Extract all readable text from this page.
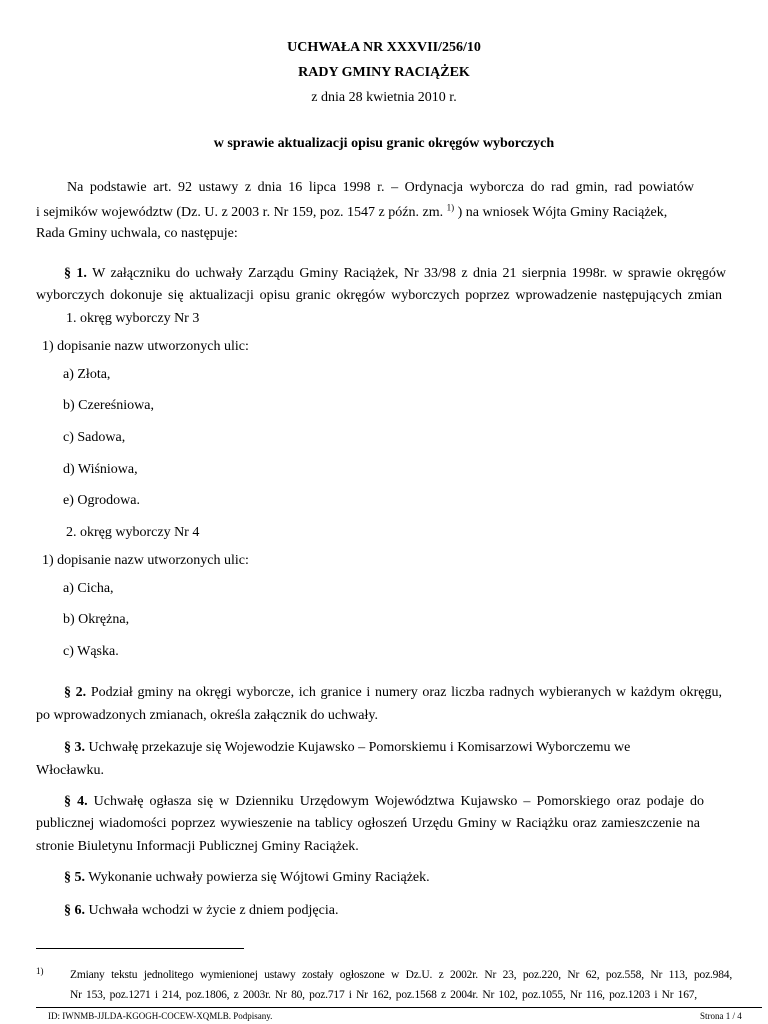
UCHWAŁA NR XXXVII/256/10
RADY GMINY RACIĄŻEK
z dnia 28 kwietnia 2010 r.
w sprawie aktualizacji opisu granic okręgów wyborczych
Na podstawie art. 92 ustawy z dnia 16 lipca 1998 r. – Ordynacja wyborcza do rad gmin, rad powiatów
i sejmików województw (Dz. U. z 2003 r. Nr 159, poz. 1547 z późn. zm. $^{1)}$ ) na wniosek Wójta Gminy Raciążek,
Rada Gminy uchwala, co następuje:
§ 1. W załączniku do uchwały Zarządu Gminy Raciążek, Nr 33/98 z dnia 21 sierpnia 1998r. w sprawie okręgów
wyborczych dokonuje się aktualizacji opisu granic okręgów wyborczych poprzez wprowadzenie następujących zmian
1. okręg wyborczy Nr 3
1) dopisanie nazw utworzonych ulic:
a) Złota,
b) Czereśniowa,
c) Sadowa,
d) Wiśniowa,
e) Ogrodowa.
2. okręg wyborczy Nr 4
1) dopisanie nazw utworzonych ulic:
a) Cicha,
b) Okrężna,
c) Wąska.
§ 2. Podział gminy na okręgi wyborcze, ich granice i numery oraz liczba radnych wybieranych w każdym okręgu,
po wprowadzonych zmianach, określa załącznik do uchwały.
§ 3. Uchwałę przekazuje się Wojewodzie Kujawsko – Pomorskiemu i Komisarzowi Wyborczemu we
Włocławku.
§ 4. Uchwałę ogłasza się w Dzienniku Urzędowym Województwa Kujawsko – Pomorskiego oraz podaje do
publicznej wiadomości poprzez wywieszenie na tablicy ogłoszeń Urzędu Gminy w Raciążku oraz zamieszczenie na
stronie Biuletynu Informacji Publicznej Gminy Raciążek.
§ 5. Wykonanie uchwały powierza się Wójtowi Gminy Raciążek.
§ 6. Uchwała wchodzi w życie z dniem podjęcia.
1) Zmiany tekstu jednolitego wymienionej ustawy zostały ogłoszone w Dz.U. z 2002r. Nr 23, poz.220, Nr 62, poz.558, Nr 113, poz.984,
Nr 153, poz.1271 i 214, poz.1806, z 2003r. Nr 80, poz.717 i Nr 162, poz.1568 z 2004r. Nr 102, poz.1055, Nr 116, poz.1203 i Nr 167,
ID: IWNMB-JJLDA-KGOGH-COCEW-XQMLB. Podpisany.	Strona 1 / 4
